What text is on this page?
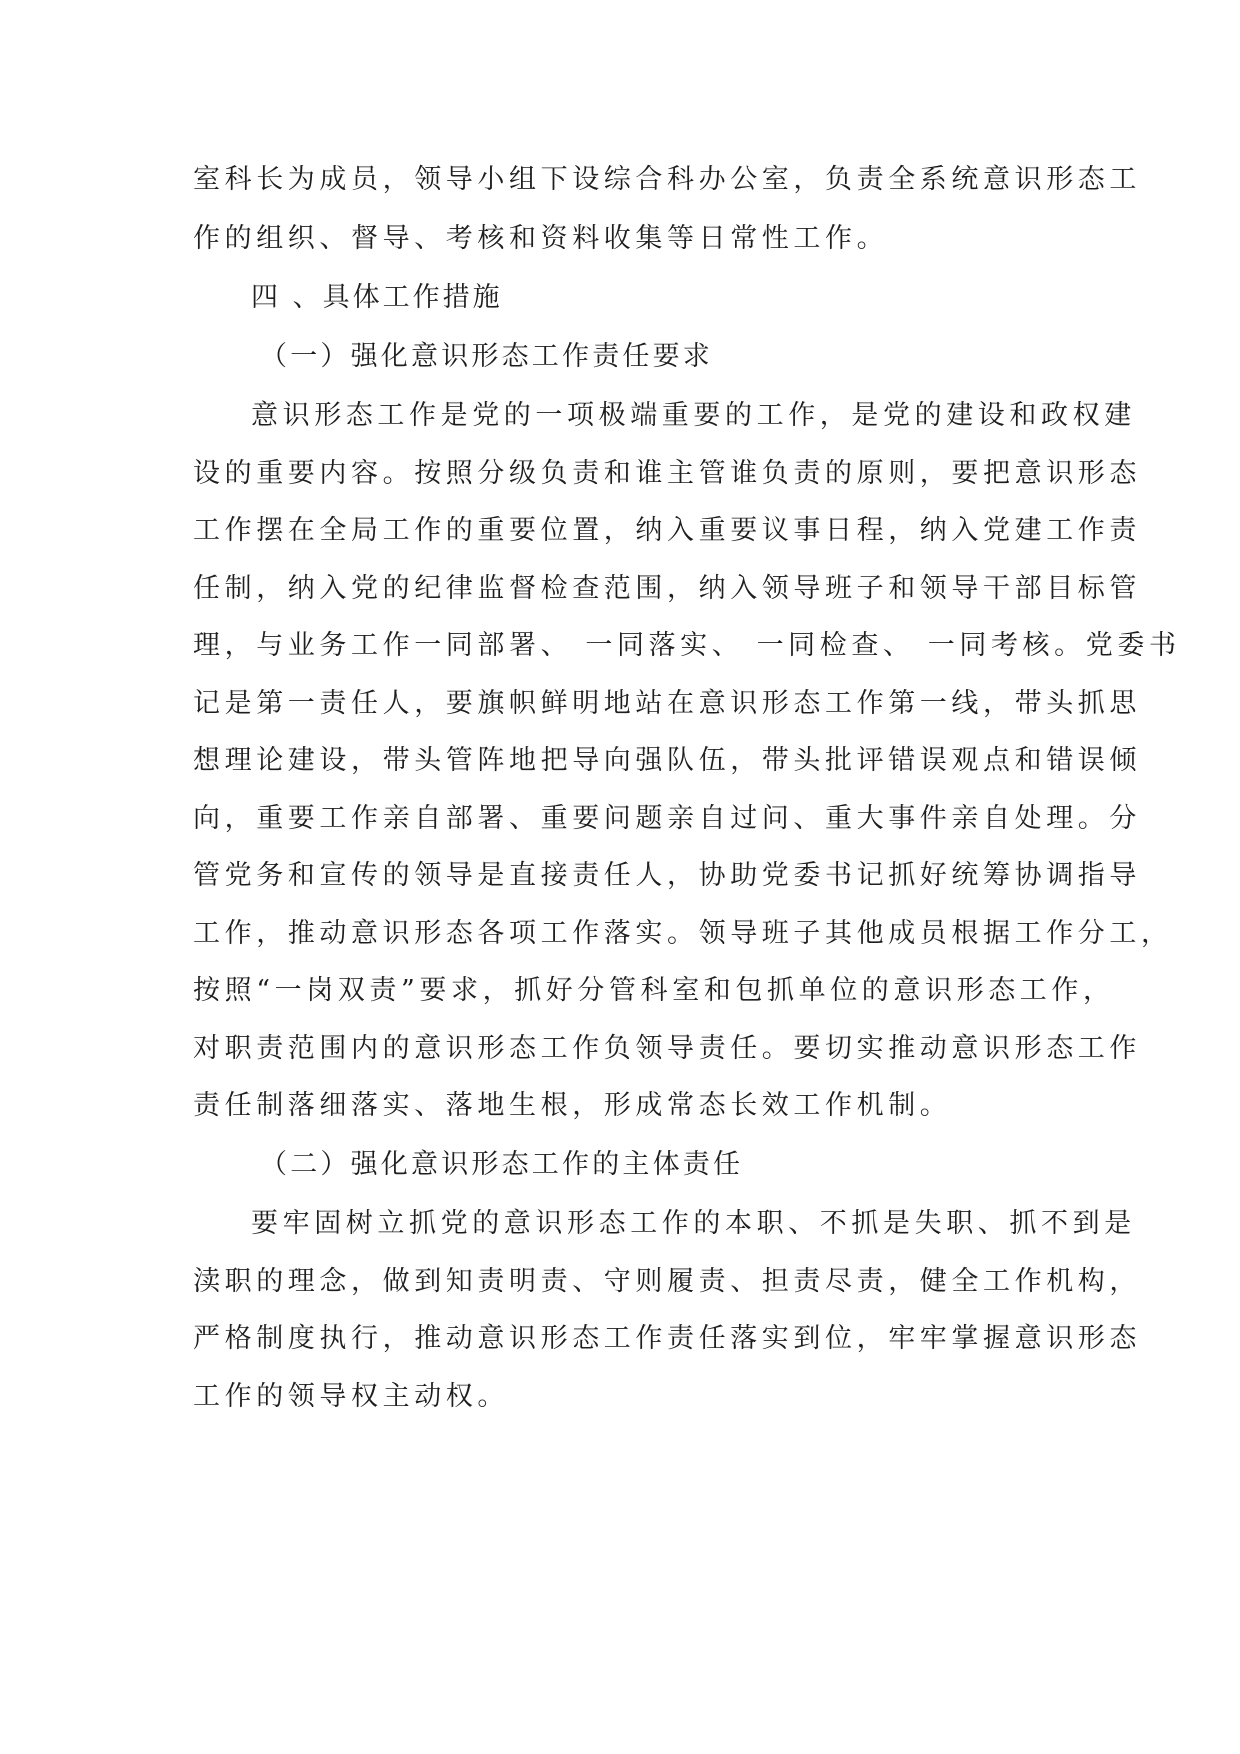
室科长为成员，领导小组下设综合科办公室，负责全系统意识形态工
作的组织、督导、考核和资料收集等日常性工作。
四 、具体工作措施
（一）强化意识形态工作责任要求
意识形态工作是党的一项极端重要的工作，是党的建设和政权建
设的重要内容。按照分级负责和谁主管谁负责的原则，要把意识形态
工作摆在全局工作的重要位置，纳入重要议事日程，纳入党建工作责
任制，纳入党的纪律监督检查范围，纳入领导班子和领导干部目标管
理，与业务工作一同部署、 一同落实、 一同检查、 一同考核。党委书
记是第一责任人，要旗帜鲜明地站在意识形态工作第一线，带头抓思
想理论建设，带头管阵地把导向强队伍，带头批评错误观点和错误倾
向，重要工作亲自部署、重要问题亲自过问、重大事件亲自处理。分
管党务和宣传的领导是直接责任人，协助党委书记抓好统筹协调指导
工作，推动意识形态各项工作落实。领导班子其他成员根据工作分工，
按照“一岗双责”要求，抓好分管科室和包抓单位的意识形态工作，
对职责范围内的意识形态工作负领导责任。要切实推动意识形态工作
责任制落细落实、落地生根，形成常态长效工作机制。
（二）强化意识形态工作的主体责任
要牢固树立抓党的意识形态工作的本职、不抓是失职、抓不到是
渎职的理念，做到知责明责、守则履责、担责尽责，健全工作机构，
严格制度执行，推动意识形态工作责任落实到位，牢牢掌握意识形态
工作的领导权主动权。
